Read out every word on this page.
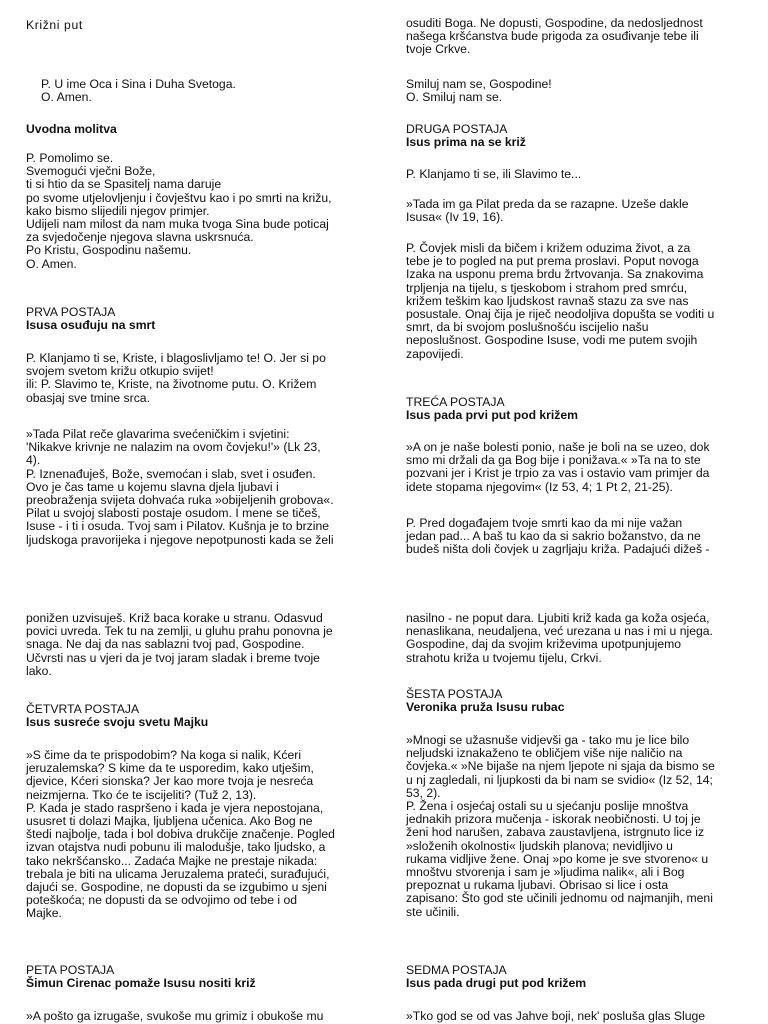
Križni put

P. U ime Oca i Sina i Duha Svetoga.
O. Amen.

Uvodna molitva

P. Pomolimo se.
Svemogući vječni Bože,
ti si htio da se Spasitelj nama daruje
po svome utjelovljenju i čovještvu kao i po smrti na križu,
kako bismo slijedili njegov primjer.
Udijeli nam milost da nam muka tvoga Sina bude poticaj
za svjedočenje njegova slavna uskrsnuća.
Po Kristu, Gospodinu našemu.
O. Amen.

PRVA POSTAJA

Isusa osuđuju na smrt

P. Klanjamo ti se, Kriste, i blagoslivljamo te! O. Jer si po
svojem svetom križu otkupio svijet!
ili: P. Slavimo te, Kriste, na životnome putu. O. Križem
obasjaj sve tmine srca.

»Tada Pilat reče glavarima svećeničkim i svjetini:
'Nikakve krivnje ne nalazim na ovom čovjeku!'» (Lk 23,
4).
P. Iznenađuješ, Bože, svemoćan i slab, svet i osuđen.
Ovo je čas tame u kojemu slavna djela ljubavi i
preobraženja svijeta dohvaća ruka »obijeljenih grobova«.
Pilat u svojoj slabosti postaje osudom. I mene se tičeš,
Isuse - i ti i osuda. Tvoj sam i Pilatov. Kušnja je to brzine
ljudskoga pravorijeka i njegove nepotpunosti kada se želi

osuditi Boga. Ne dopusti, Gospodine, da nedosljednost
našega kršćanstva bude prigoda za osuđivanje tebe ili
tvoje Crkve.

Smiluj nam se, Gospodine!
O. Smiluj nam se.

DRUGA POSTAJA

Isus prima na se križ

P. Klanjamo ti se, ili Slavimo te...

»Tada im ga Pilat preda da se razapne. Uzeše dakle
Isusa« (Iv 19, 16).

P. Čovjek misli da bičem i križem oduzima život, a za
tebe je to pogled na put prema proslavi. Poput novoga
Izaka na usponu prema brdu žrtvovanja. Sa znakovima
trpljenja na tijelu, s tjeskobom i strahom pred smrću,
križem teškim kao ljudskost ravnaš stazu za sve nas
posustale. Onaj čija je riječ neodoljiva dopušta se voditi u
smrt, da bi svojom poslušnošću iscijelio našu
neposlušnost. Gospodine Isuse, vodi me putem svojih
zapovijedi.

TREĆA POSTAJA

Isus pada prvi put pod križem

»A on je naše bolesti ponio, naše je boli na se uzeo, dok
smo mi držali da ga Bog bije i ponižava.« »Ta na to ste
pozvani jer i Krist je trpio za vas i ostavio vam primjer da
idete stopama njegovim« (Iz 53, 4; 1 Pt 2, 21-25).

P. Pred događajem tvoje smrti kao da mi nije važan
jedan pad... A baš tu kao da si sakrio božanstvo, da ne
budeš ništa doli čovjek u zagrljaju križa. Padajući dižeš -

ponižen uzvisuješ. Križ baca korake u stranu. Odasvud
povici uvreda. Tek tu na zemlji, u gluhu prahu ponovna je
snaga. Ne daj da nas sablazni tvoj pad, Gospodine.
Učvrsti nas u vjeri da je tvoj jaram sladak i breme tvoje
lako.

ČETVRTA POSTAJA

Isus susreće svoju svetu Majku

»S čime da te prispodobim? Na koga si nalik, Kćeri
jeruzalemska? S kime da te usporedim, kako utješim,
djevice, Kćeri sionska? Jer kao more tvoja je nesreća
neizmjerna. Tko će te iscijeliti? (Tuž 2, 13).
P. Kada je stado raspršeno i kada je vjera nepostojana,
ususret ti dolazi Majka, ljubljena učenica. Ako Bog ne
štedi najbolje, tada i bol dobiva drukčije značenje. Pogled
izvan otajstva nudi pobunu ili malodušje, tako ljudsko, a
tako nekršćansko... Zadaća Majke ne prestaje nikada:
trebala je biti na ulicama Jeruzalema prateći, surađujući,
dajući se. Gospodine, ne dopusti da se izgubimo u sjeni
poteškoća; ne dopusti da se odvojimo od tebe i od
Majke.

PETA POSTAJA

Šimun Cirenac pomaže Isusu nositi križ

»A pošto ga izrugaše, svukoše mu grimiz i obukoše mu

nasilno - ne poput dara. Ljubiti križ kada ga koža osjeća,
nenaslikana, neudaljena, već urezana u nas i mi u njega.
Gospodine, daj da svojim križevima upotpunjujemo
strahotu križa u tvojemu tijelu, Crkvi.

ŠESTA POSTAJA

Veronika pruža Isusu rubac

»Mnogi se užasnuše vidjevši ga - tako mu je lice bilo
neljudski iznakaženo te obličjem više nije naličio na
čovjeka.« »Ne bijaše na njem ljepote ni sjaja da bismo se
u nj zagledali, ni ljupkosti da bi nam se svidio« (Iz 52, 14;
53, 2).
P. Žena i osjećaj ostali su u sjećanju poslije mnoštva
jednakih prizora mučenja - iskorak neobičnosti. U toj je
ženi hod narušen, zabava zaustavljena, istrgnuto lice iz
»složenih okolnosti« ljudskih planova; nevidljivo u
rukama vidljive žene. Onaj »po kome je sve stvoreno« u
mnoštvu stvorenja i sam je »ljudima nalik«, ali i Bog
prepoznat u rukama ljubavi. Obrisao si lice i osta
zapisano: Što god ste učinili jednomu od najmanjih, meni
ste učinili.

SEDMA POSTAJA

Isus pada drugi put pod križem

»Tko god se od vas Jahve boji, nek' posluša glas Sluge
